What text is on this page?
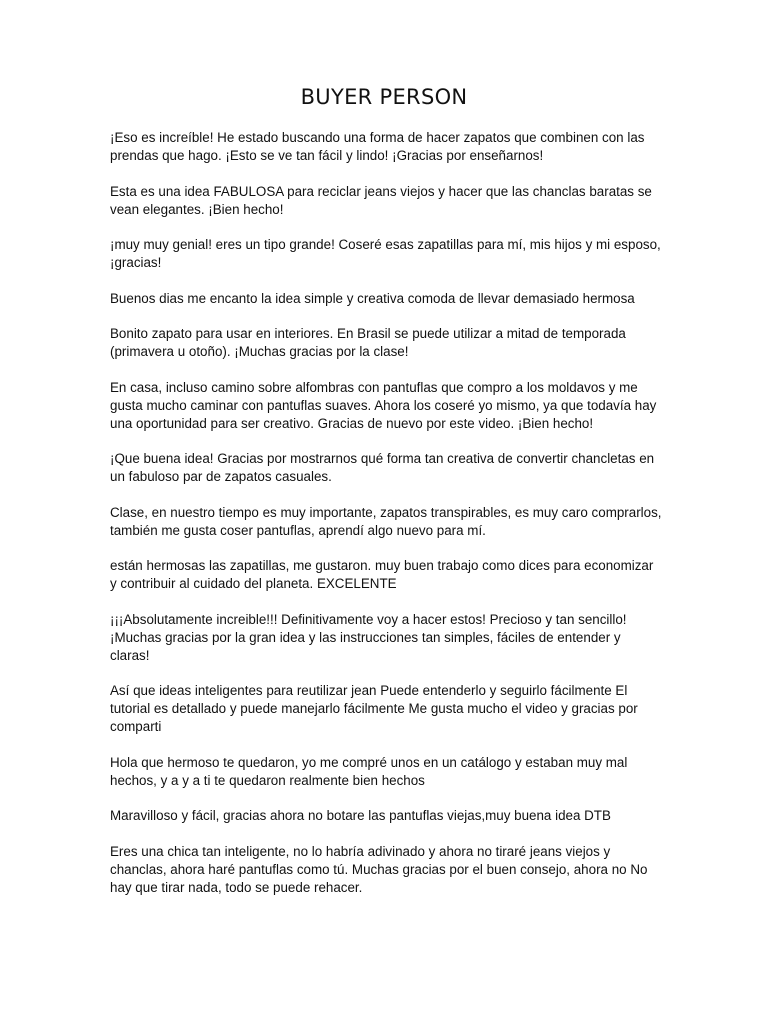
BUYER PERSON

¡Eso es increíble! He estado buscando una forma de hacer zapatos que combinen con las prendas que hago. ¡Esto se ve tan fácil y lindo! ¡Gracias por enseñarnos!

Esta es una idea FABULOSA para reciclar jeans viejos y hacer que las chanclas baratas se vean elegantes. ¡Bien hecho!

¡muy muy genial! eres un tipo grande! Coseré esas zapatillas para mí, mis hijos y mi esposo, ¡gracias!

Buenos dias me encanto la idea simple y creativa comoda de llevar demasiado hermosa

Bonito zapato para usar en interiores. En Brasil se puede utilizar a mitad de temporada (primavera u otoño). ¡Muchas gracias por la clase!

En casa, incluso camino sobre alfombras con pantuflas que compro a los moldavos y me gusta mucho caminar con pantuflas suaves. Ahora los coseré yo mismo, ya que todavía hay una oportunidad para ser creativo. Gracias de nuevo por este video. ¡Bien hecho!

¡Que buena idea! Gracias por mostrarnos qué forma tan creativa de convertir chancletas en un fabuloso par de zapatos casuales.

Clase, en nuestro tiempo es muy importante, zapatos transpirables, es muy caro comprarlos, también me gusta coser pantuflas, aprendí algo nuevo para mí.

están hermosas las zapatillas, me gustaron. muy buen trabajo como dices para economizar y contribuir al cuidado del planeta. EXCELENTE

¡¡¡Absolutamente increible!!! Definitivamente voy a hacer estos! Precioso y tan sencillo! ¡Muchas gracias por la gran idea y las instrucciones tan simples, fáciles de entender y claras!

Así que ideas inteligentes para reutilizar jean Puede entenderlo y seguirlo fácilmente El tutorial es detallado y puede manejarlo fácilmente Me gusta mucho el video y gracias por comparti

Hola que hermoso te quedaron, yo me compré unos en un catálogo y estaban muy mal hechos, y a y a ti te quedaron realmente bien hechos

Maravilloso y fácil, gracias ahora no botare las pantuflas viejas,muy buena idea DTB

Eres una chica tan inteligente, no lo habría adivinado y ahora no tiraré jeans viejos y chanclas, ahora haré pantuflas como tú. Muchas gracias por el buen consejo, ahora no No hay que tirar nada, todo se puede rehacer.
